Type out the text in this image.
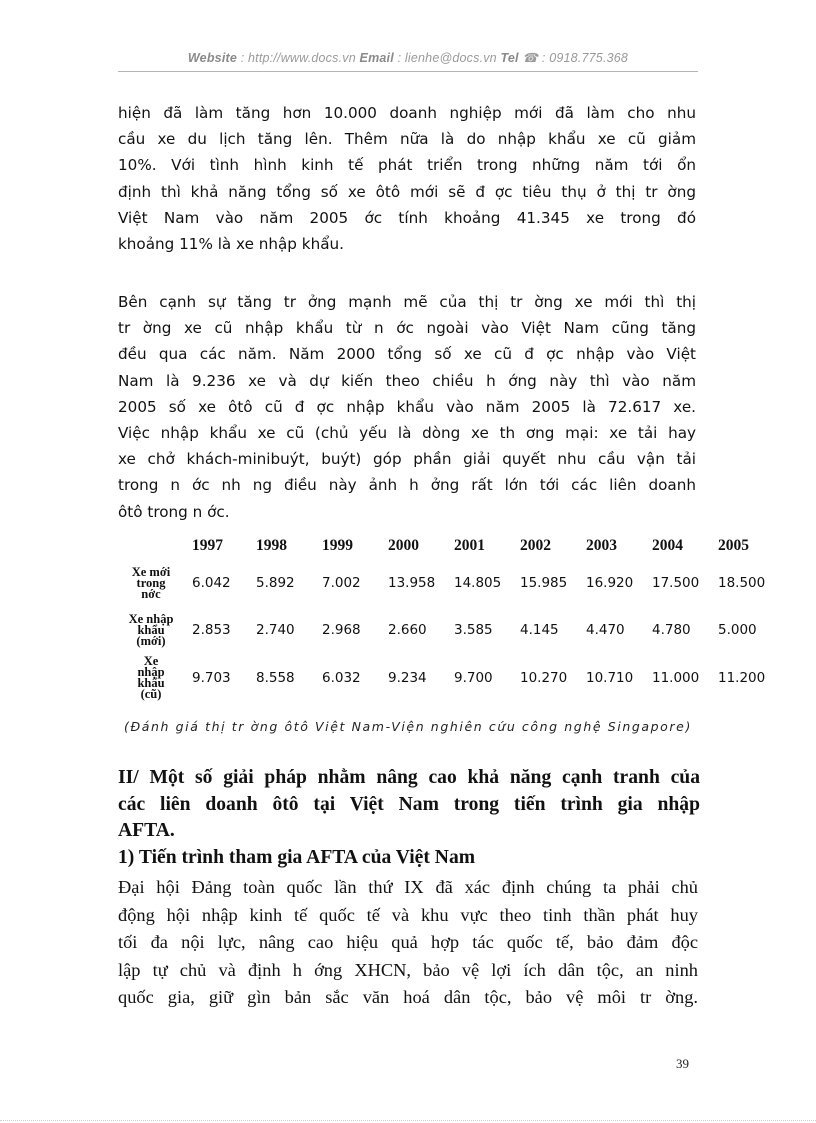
Website : http://www.docs.vn Email : lienhe@docs.vn Tel ☎ : 0918.775.368
hiện đã làm tăng hơn 10.000 doanh nghiệp mới đã làm cho nhu
cầu xe du lịch tăng lên. Thêm nữa là do nhập khẩu xe cũ giảm
10%. Với tình hình kinh tế phát triển trong những năm tới ổn
định thì khả năng tổng số xe ôtô mới sẽ đ ợc tiêu thụ ở thị tr ờng
Việt Nam vào năm 2005 ớc tính khoảng 41.345 xe trong đó
khoảng 11% là xe nhập khẩu.
Bên cạnh sự tăng tr ởng mạnh mẽ của thị tr ờng xe mới thì thị
tr ờng xe cũ nhập khẩu từ n ớc ngoài vào Việt Nam cũng tăng
đều qua các năm. Năm 2000 tổng số xe cũ đ ợc nhập vào Việt
Nam là 9.236 xe và dự kiến theo chiều h ớng này thì vào năm
2005 số xe ôtô cũ đ ợc nhập khẩu vào năm 2005 là 72.617 xe.
Việc nhập khẩu xe cũ (chủ yếu là dòng xe th ơng mại: xe tải hay
xe chở khách-minibuýt, buýt) góp phần giải quyết nhu cầu vận tải
trong n ớc nh ng điều này ảnh h ởng rất lớn tới các liên doanh
ôtô trong n ớc.
	1997	1998	1999	2000	2001	2002	2003	2004	2005
Xe mới
trong
nớc	6.042	5.892	7.002	13.958	14.805	15.985	16.920	17.500	18.500
Xe nhập
khẩu
(mới)	2.853	2.740	2.968	2.660	3.585	4.145	4.470	4.780	5.000
Xe
nhập
khẩu
(cũ)	9.703	8.558	6.032	9.234	9.700	10.270	10.710	11.000	11.200
(Đánh giá thị tr ờng ôtô Việt Nam-Viện nghiên cứu công nghệ Singapore)
II/ Một số giải pháp nhằm nâng cao khả năng cạnh tranh của
các liên doanh ôtô tại Việt Nam trong tiến trình gia nhập
AFTA.
1) Tiến trình tham gia AFTA của Việt Nam
Đại hội Đảng toàn quốc lần thứ IX đã xác định chúng ta phải chủ
động hội nhập kinh tế quốc tế và khu vực theo tinh thần phát huy
tối đa nội lực, nâng cao hiệu quả hợp tác quốc tế, bảo đảm độc
lập tự chủ và định h ớng XHCN, bảo vệ lợi ích dân tộc, an ninh
quốc gia, giữ gìn bản sắc văn hoá dân tộc, bảo vệ môi tr ờng.
39
